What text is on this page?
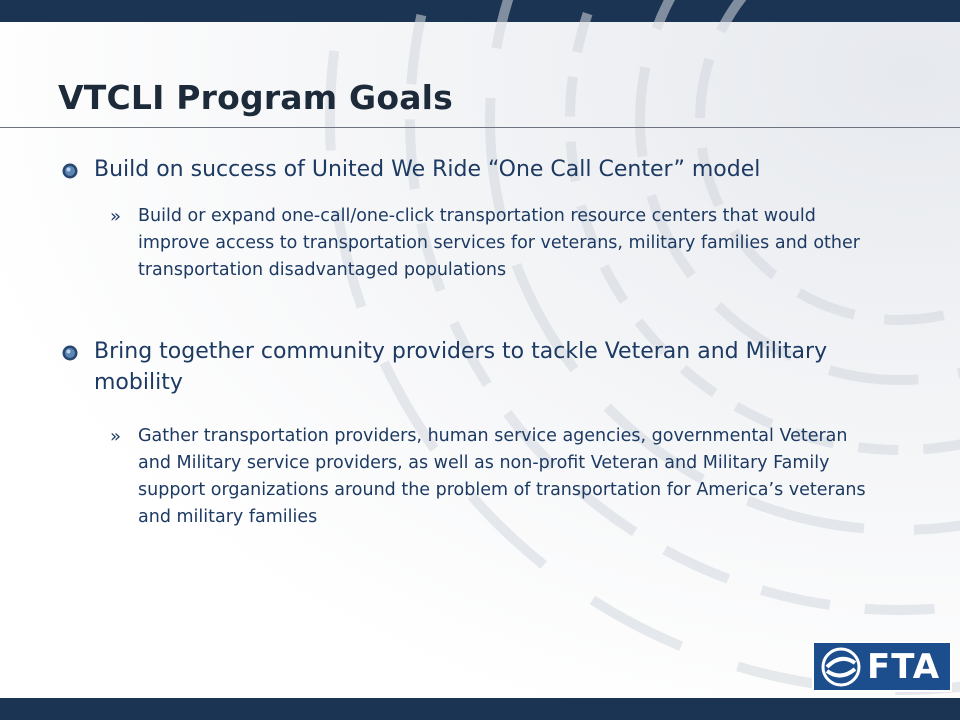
VTCLI Program Goals
Build on success of United We Ride “One Call Center” model
» Build or expand one-call/one-click transportation resource centers that would improve access to transportation services for veterans, military families and other transportation disadvantaged populations
Bring together community providers to tackle Veteran and Military mobility
» Gather transportation providers, human service agencies, governmental Veteran and Military service providers, as well as non-profit Veteran and Military Family support organizations around the problem of transportation for America’s veterans and military families
FTA
